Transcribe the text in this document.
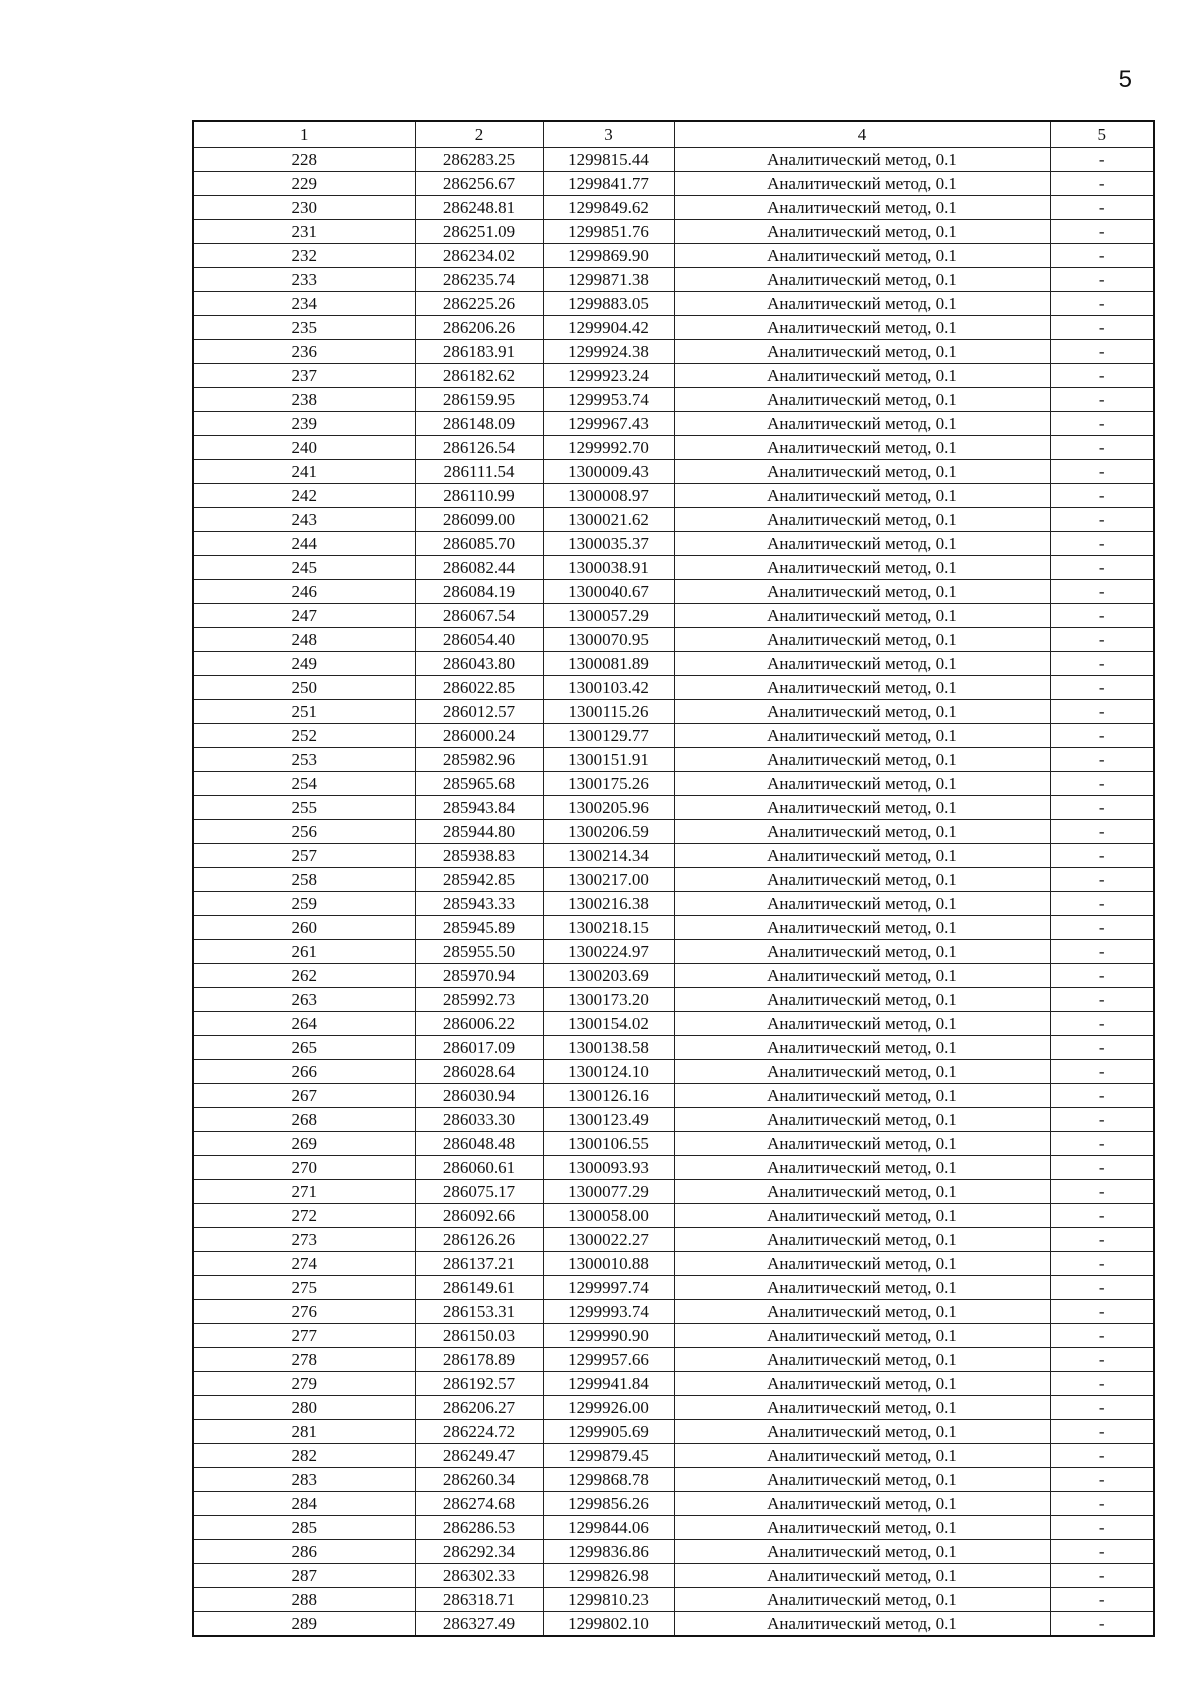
5
1	2	3	4	5
228	286283.25	1299815.44	Аналитический метод, 0.1	-
229	286256.67	1299841.77	Аналитический метод, 0.1	-
230	286248.81	1299849.62	Аналитический метод, 0.1	-
231	286251.09	1299851.76	Аналитический метод, 0.1	-
232	286234.02	1299869.90	Аналитический метод, 0.1	-
233	286235.74	1299871.38	Аналитический метод, 0.1	-
234	286225.26	1299883.05	Аналитический метод, 0.1	-
235	286206.26	1299904.42	Аналитический метод, 0.1	-
236	286183.91	1299924.38	Аналитический метод, 0.1	-
237	286182.62	1299923.24	Аналитический метод, 0.1	-
238	286159.95	1299953.74	Аналитический метод, 0.1	-
239	286148.09	1299967.43	Аналитический метод, 0.1	-
240	286126.54	1299992.70	Аналитический метод, 0.1	-
241	286111.54	1300009.43	Аналитический метод, 0.1	-
242	286110.99	1300008.97	Аналитический метод, 0.1	-
243	286099.00	1300021.62	Аналитический метод, 0.1	-
244	286085.70	1300035.37	Аналитический метод, 0.1	-
245	286082.44	1300038.91	Аналитический метод, 0.1	-
246	286084.19	1300040.67	Аналитический метод, 0.1	-
247	286067.54	1300057.29	Аналитический метод, 0.1	-
248	286054.40	1300070.95	Аналитический метод, 0.1	-
249	286043.80	1300081.89	Аналитический метод, 0.1	-
250	286022.85	1300103.42	Аналитический метод, 0.1	-
251	286012.57	1300115.26	Аналитический метод, 0.1	-
252	286000.24	1300129.77	Аналитический метод, 0.1	-
253	285982.96	1300151.91	Аналитический метод, 0.1	-
254	285965.68	1300175.26	Аналитический метод, 0.1	-
255	285943.84	1300205.96	Аналитический метод, 0.1	-
256	285944.80	1300206.59	Аналитический метод, 0.1	-
257	285938.83	1300214.34	Аналитический метод, 0.1	-
258	285942.85	1300217.00	Аналитический метод, 0.1	-
259	285943.33	1300216.38	Аналитический метод, 0.1	-
260	285945.89	1300218.15	Аналитический метод, 0.1	-
261	285955.50	1300224.97	Аналитический метод, 0.1	-
262	285970.94	1300203.69	Аналитический метод, 0.1	-
263	285992.73	1300173.20	Аналитический метод, 0.1	-
264	286006.22	1300154.02	Аналитический метод, 0.1	-
265	286017.09	1300138.58	Аналитический метод, 0.1	-
266	286028.64	1300124.10	Аналитический метод, 0.1	-
267	286030.94	1300126.16	Аналитический метод, 0.1	-
268	286033.30	1300123.49	Аналитический метод, 0.1	-
269	286048.48	1300106.55	Аналитический метод, 0.1	-
270	286060.61	1300093.93	Аналитический метод, 0.1	-
271	286075.17	1300077.29	Аналитический метод, 0.1	-
272	286092.66	1300058.00	Аналитический метод, 0.1	-
273	286126.26	1300022.27	Аналитический метод, 0.1	-
274	286137.21	1300010.88	Аналитический метод, 0.1	-
275	286149.61	1299997.74	Аналитический метод, 0.1	-
276	286153.31	1299993.74	Аналитический метод, 0.1	-
277	286150.03	1299990.90	Аналитический метод, 0.1	-
278	286178.89	1299957.66	Аналитический метод, 0.1	-
279	286192.57	1299941.84	Аналитический метод, 0.1	-
280	286206.27	1299926.00	Аналитический метод, 0.1	-
281	286224.72	1299905.69	Аналитический метод, 0.1	-
282	286249.47	1299879.45	Аналитический метод, 0.1	-
283	286260.34	1299868.78	Аналитический метод, 0.1	-
284	286274.68	1299856.26	Аналитический метод, 0.1	-
285	286286.53	1299844.06	Аналитический метод, 0.1	-
286	286292.34	1299836.86	Аналитический метод, 0.1	-
287	286302.33	1299826.98	Аналитический метод, 0.1	-
288	286318.71	1299810.23	Аналитический метод, 0.1	-
289	286327.49	1299802.10	Аналитический метод, 0.1	-
